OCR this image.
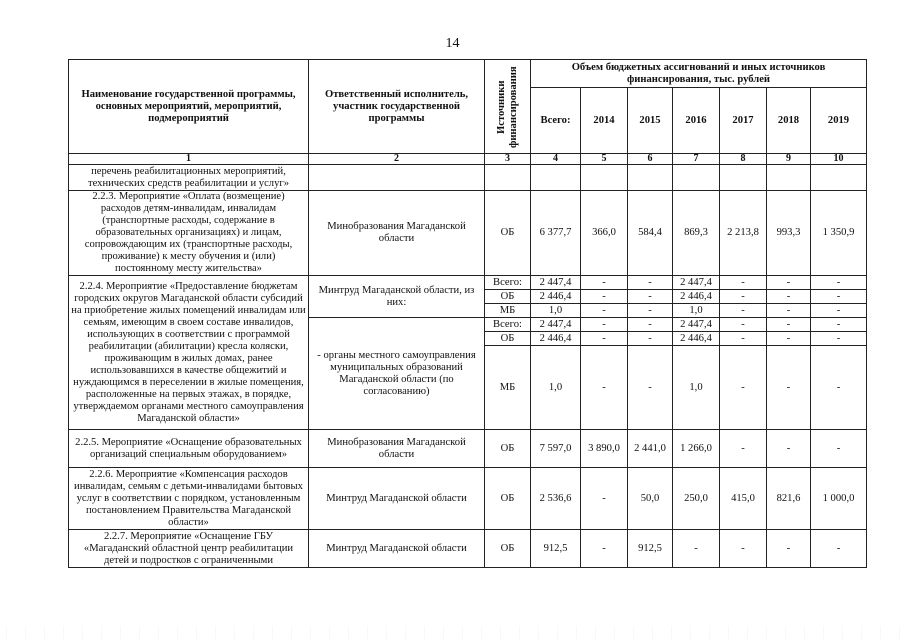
14
Наименование государственной программы, основных мероприятий, мероприятий, подмероприятий	Ответственный исполнитель, участник государственной программы	Источники финансирования	Объем бюджетных ассигнований и иных источников финансирования, тыс. рублей						
			Всего:	2014	2015	2016	2017	2018	2019
1	2	3	4	5	6	7	8	9	10
перечень реабилитационных мероприятий, технических средств реабилитации и услуг»									
2.2.3. Мероприятие «Оплата (возмещение) расходов детям-инвалидам, инвалидам (транспортные расходы, содержание в образовательных организациях) и лицам, сопровождающим их (транспортные расходы, проживание) к месту обучения и (или) постоянному месту жительства»	Минобразования Магаданской области	ОБ	6 377,7	366,0	584,4	869,3	2 213,8	993,3	1 350,9
2.2.4. Мероприятие «Предоставление бюджетам городских округов Магаданской области субсидий на приобретение жилых помещений инвалидам или семьям, имеющим в своем составе инвалидов, использующих в соответствии с программой реабилитации (абилитации) кресла коляски, проживающим в жилых домах, ранее использовавшихся в качестве общежитий и нуждающимся в переселении в жилые помещения, расположенные на первых этажах, в порядке, утверждаемом органами местного самоуправления Магаданской области»	Минтруд Магаданской области, из них:	Всего:	2 447,4	-	-	2 447,4	-	-	-
		ОБ	2 446,4	-	-	2 446,4	-	-	-
		МБ	1,0	-	-	1,0	-	-	-
	- органы местного самоуправления муниципальных образований Магаданской области (по согласованию)	Всего:	2 447,4	-	-	2 447,4	-	-	-
		ОБ	2 446,4	-	-	2 446,4	-	-	-
		МБ	1,0	-	-	1,0	-	-	-
2.2.5. Мероприятие «Оснащение образовательных организаций специальным оборудованием»	Минобразования Магаданской области	ОБ	7 597,0	3 890,0	2 441,0	1 266,0	-	-	-
2.2.6. Мероприятие «Компенсация расходов инвалидам, семьям с детьми-инвалидами бытовых услуг в соответствии с порядком, установленным постановлением Правительства Магаданской области»	Минтруд Магаданской области	ОБ	2 536,6	-	50,0	250,0	415,0	821,6	1 000,0
2.2.7. Мероприятие «Оснащение ГБУ «Магаданский областной центр реабилитации детей и подростков с ограниченными	Минтруд Магаданской области	ОБ	912,5	-	912,5	-	-	-	-
